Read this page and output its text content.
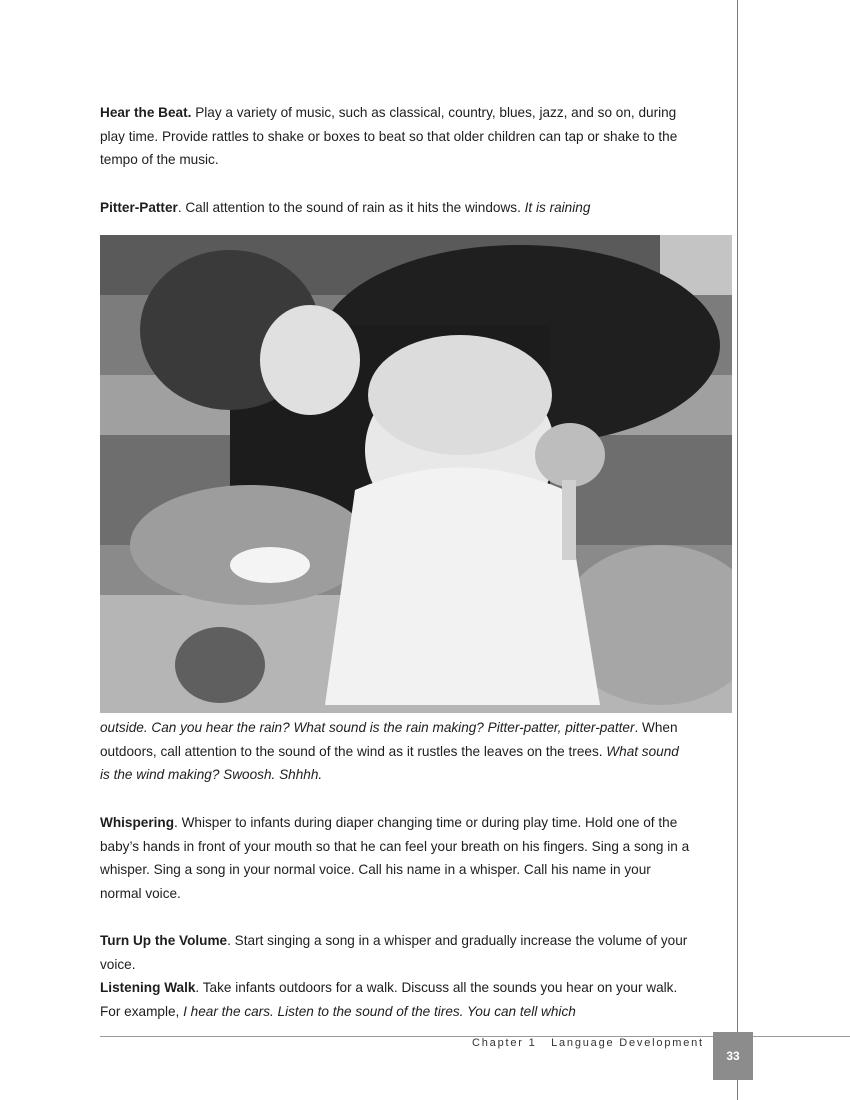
Hear the Beat. Play a variety of music, such as classical, country, blues, jazz, and so on, during play time. Provide rattles to shake or boxes to beat so that older children can tap or shake to the tempo of the music.

Pitter-Patter. Call attention to the sound of rain as it hits the windows. It is raining

outside. Can you hear the rain? What sound is the rain making? Pitter-patter, pitter-patter. When outdoors, call attention to the sound of the wind as it rustles the leaves on the trees. What sound is the wind making? Swoosh. Shhhh.

Whispering. Whisper to infants during diaper changing time or during play time. Hold one of the baby’s hands in front of your mouth so that he can feel your breath on his fingers. Sing a song in a whisper. Sing a song in your normal voice. Call his name in a whisper. Call his name in your normal voice.

Turn Up the Volume. Start singing a song in a whisper and gradually increase the volume of your voice.

Listening Walk. Take infants outdoors for a walk. Discuss all the sounds you hear on your walk. For example, I hear the cars. Listen to the sound of the tires. You can tell which

Chapter 1   Language Development
33
